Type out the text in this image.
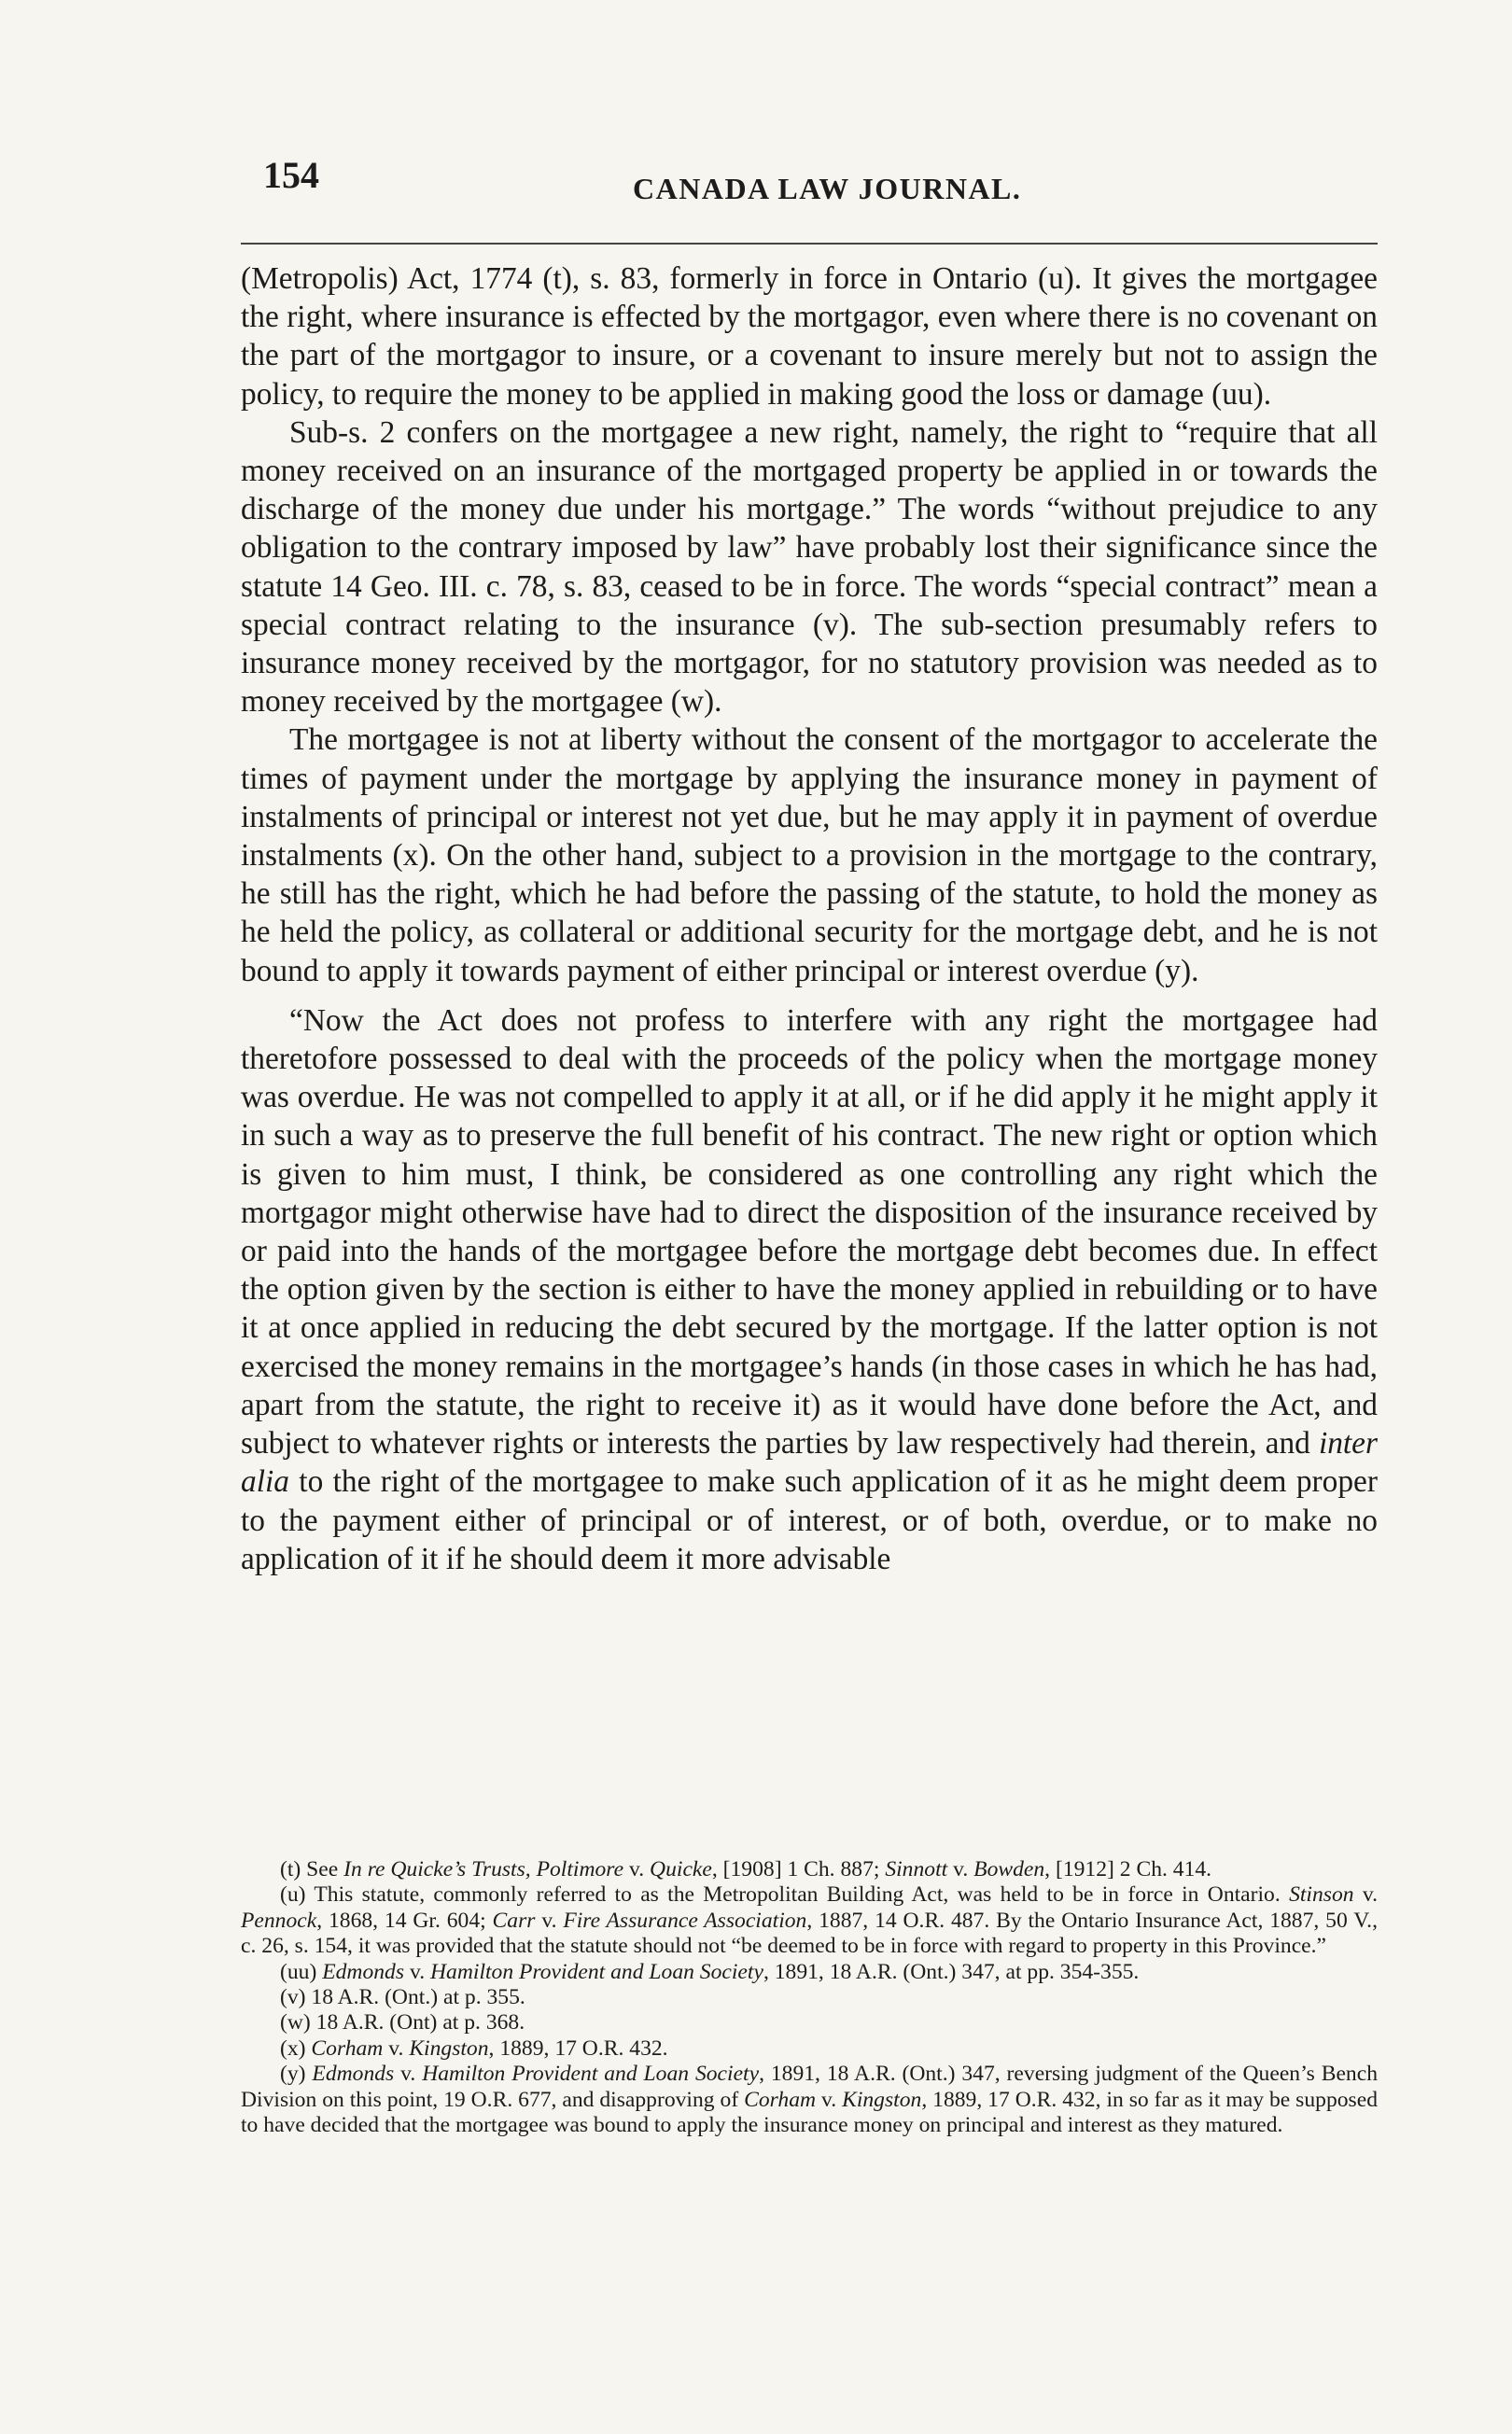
154	CANADA LAW JOURNAL.

(Metropolis) Act, 1774 (t), s. 83, formerly in force in Ontario (u). It gives the mortgagee the right, where insurance is effected by the mortgagor, even where there is no covenant on the part of the mortgagor to insure, or a covenant to insure merely but not to assign the policy, to require the money to be applied in making good the loss or damage (uu).

Sub-s. 2 confers on the mortgagee a new right, namely, the right to “require that all money received on an insurance of the mortgaged property be applied in or towards the discharge of the money due under his mortgage.” The words “without prejudice to any obligation to the contrary imposed by law” have probably lost their significance since the statute 14 Geo. III. c. 78, s. 83, ceased to be in force. The words “special contract” mean a special contract relating to the insurance (v). The sub-section presumably refers to insurance money received by the mortgagor, for no statutory provision was needed as to money received by the mortgagee (w).

The mortgagee is not at liberty without the consent of the mortgagor to accelerate the times of payment under the mortgage by applying the insurance money in payment of instalments of principal or interest not yet due, but he may apply it in payment of overdue instalments (x). On the other hand, subject to a provision in the mortgage to the contrary, he still has the right, which he had before the passing of the statute, to hold the money as he held the policy, as collateral or additional security for the mortgage debt, and he is not bound to apply it towards payment of either principal or interest overdue (y).

“Now the Act does not profess to interfere with any right the mortgagee had theretofore possessed to deal with the proceeds of the policy when the mortgage money was overdue. He was not compelled to apply it at all, or if he did apply it he might apply it in such a way as to preserve the full benefit of his contract. The new right or option which is given to him must, I think, be considered as one controlling any right which the mortgagor might otherwise have had to direct the disposition of the insurance received by or paid into the hands of the mortgagee before the mortgage debt becomes due. In effect the option given by the section is either to have the money applied in rebuilding or to have it at once applied in reducing the debt secured by the mortgage. If the latter option is not exercised the money remains in the mortgagee’s hands (in those cases in which he has had, apart from the statute, the right to receive it) as it would have done before the Act, and subject to whatever rights or interests the parties by law respectively had therein, and inter alia to the right of the mortgagee to make such application of it as he might deem proper to the payment either of principal or of interest, or of both, overdue, or to make no application of it if he should deem it more advisable

(t) See In re Quicke’s Trusts, Poltimore v. Quicke, [1908] 1 Ch. 887; Sinnott v. Bowden, [1912] 2 Ch. 414.

(u) This statute, commonly referred to as the Metropolitan Building Act, was held to be in force in Ontario. Stinson v. Pennock, 1868, 14 Gr. 604; Carr v. Fire Assurance Association, 1887, 14 O.R. 487. By the Ontario Insurance Act, 1887, 50 V., c. 26, s. 154, it was provided that the statute should not “be deemed to be in force with regard to property in this Province.”

(uu) Edmonds v. Hamilton Provident and Loan Society, 1891, 18 A.R. (Ont.) 347, at pp. 354-355.

(v) 18 A.R. (Ont.) at p. 355.

(w) 18 A.R. (Ont) at p. 368.

(x) Corham v. Kingston, 1889, 17 O.R. 432.

(y) Edmonds v. Hamilton Provident and Loan Society, 1891, 18 A.R. (Ont.) 347, reversing judgment of the Queen’s Bench Division on this point, 19 O.R. 677, and disapproving of Corham v. Kingston, 1889, 17 O.R. 432, in so far as it may be supposed to have decided that the mortgagee was bound to apply the insurance money on principal and interest as they matured.
